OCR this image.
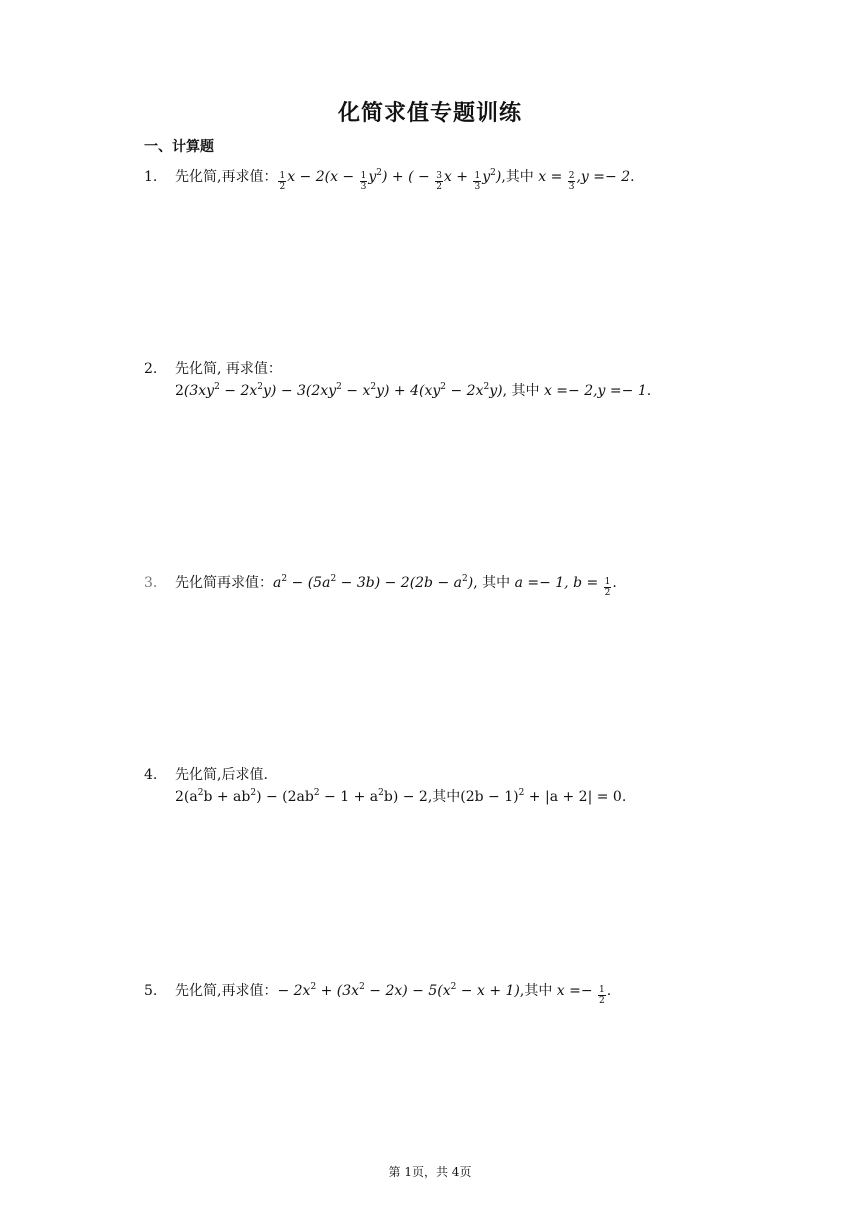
化简求值专题训练
一、计算题
1. 先化简,再求值： $\frac{1}{2}$ $x - 2(x - \frac{1}{3} y^2)$ + ( − $\frac{3}{2}$ $x + \frac{1}{3} y^2$),其中 $x = \frac{2}{3} ,y =- 2$.
2. 先化简, 再求值：
$2(3xy^2 - 2x^2y) - 3(2xy^2 - x^2y) + 4(xy^2 - 2x^2y)$, 其中 x =− 2,y =− 1.
3. 先化简再求值：$a^2 - (5a^2 - 3b) - 2(2b - a^2)$, 其中 a =− 1, $b = \frac{1}{2}$ .
4. 先化简,后求值.
$2(a^2b + ab^2) - (2ab^2 - 1 + a^2b) - 2$,其中$(2b - 1)^2 + |a + 2| = 0$.
5. 先化简,再求值：− $2x^2 + (3x^2 - 2x) - 5(x^2 - x + 1)$,其中 $x =- \frac{1}{2}$ .
第 1页，共 4页
